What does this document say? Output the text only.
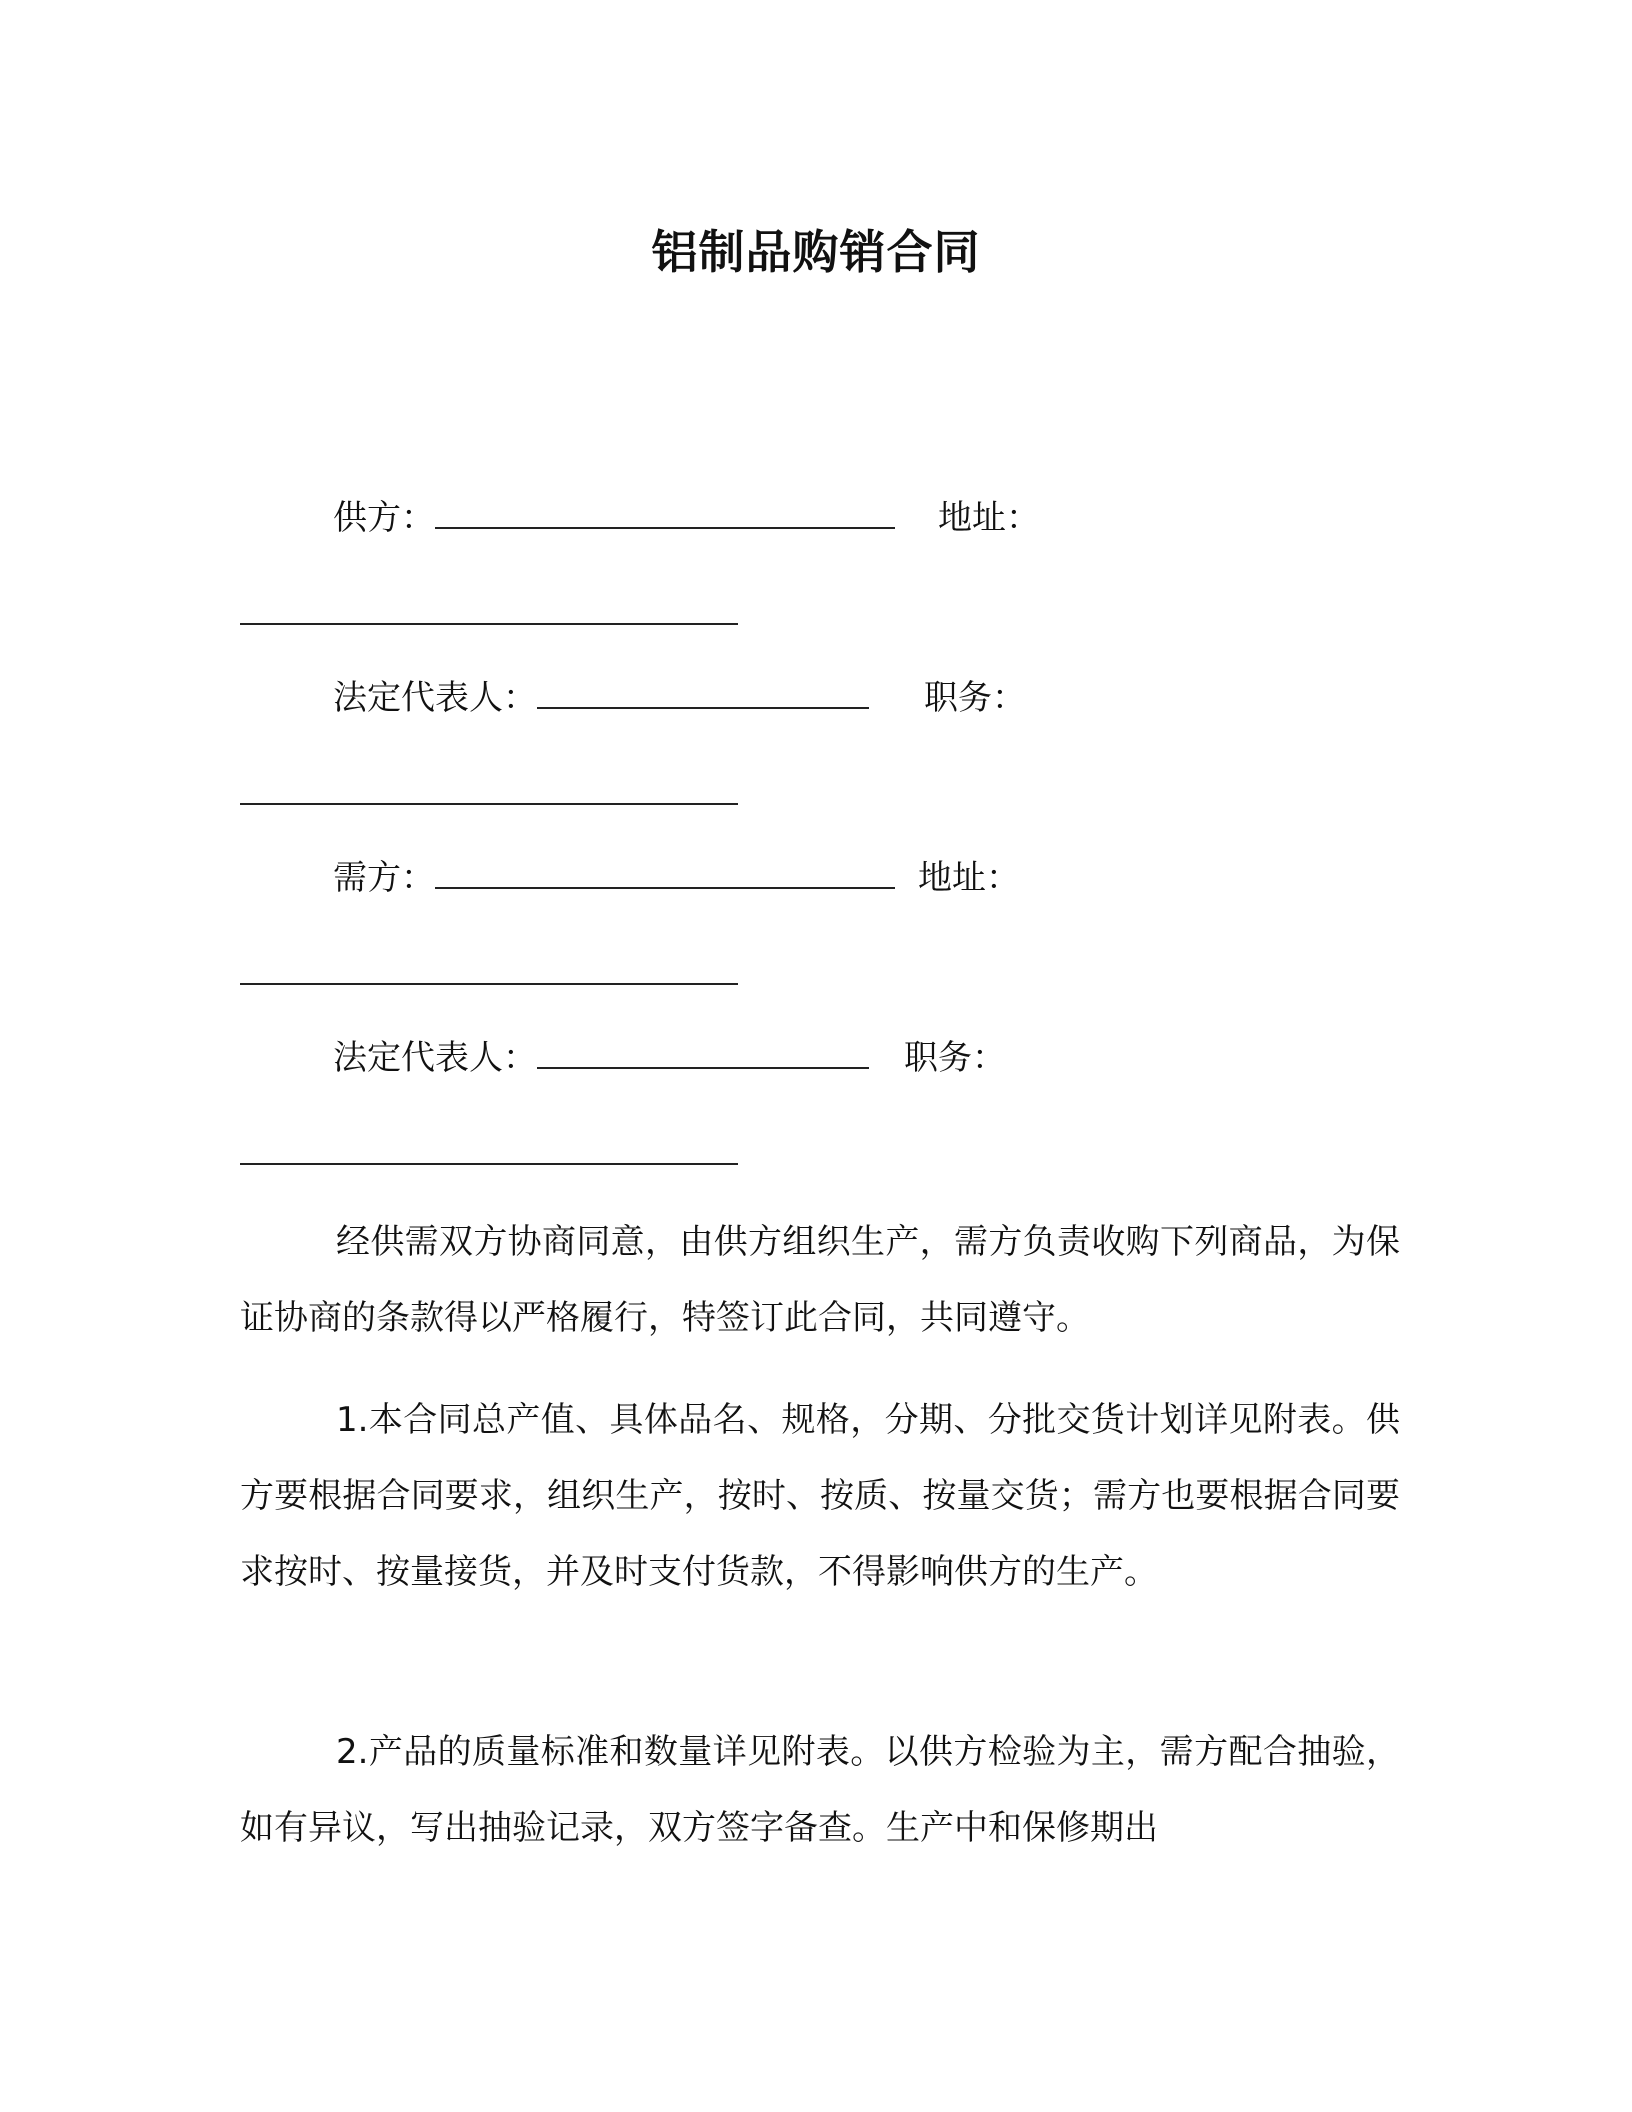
铝制品购销合同
供方：	地址：
法定代表人：	职务：
需方：	地址：
法定代表人：	职务：

经供需双方协商同意，由供方组织生产，需方负责收购下列商品，为保证协商的条款得以严格履行，特签订此合同，共同遵守。

1.本合同总产值、具体品名、规格，分期、分批交货计划详见附表。供方要根据合同要求，组织生产，按时、按质、按量交货；需方也要根据合同要求按时、按量接货，并及时支付货款，不得影响供方的生产。

2.产品的质量标准和数量详见附表。以供方检验为主，需方配合抽验，如有异议，写出抽验记录，双方签字备查。生产中和保修期出
